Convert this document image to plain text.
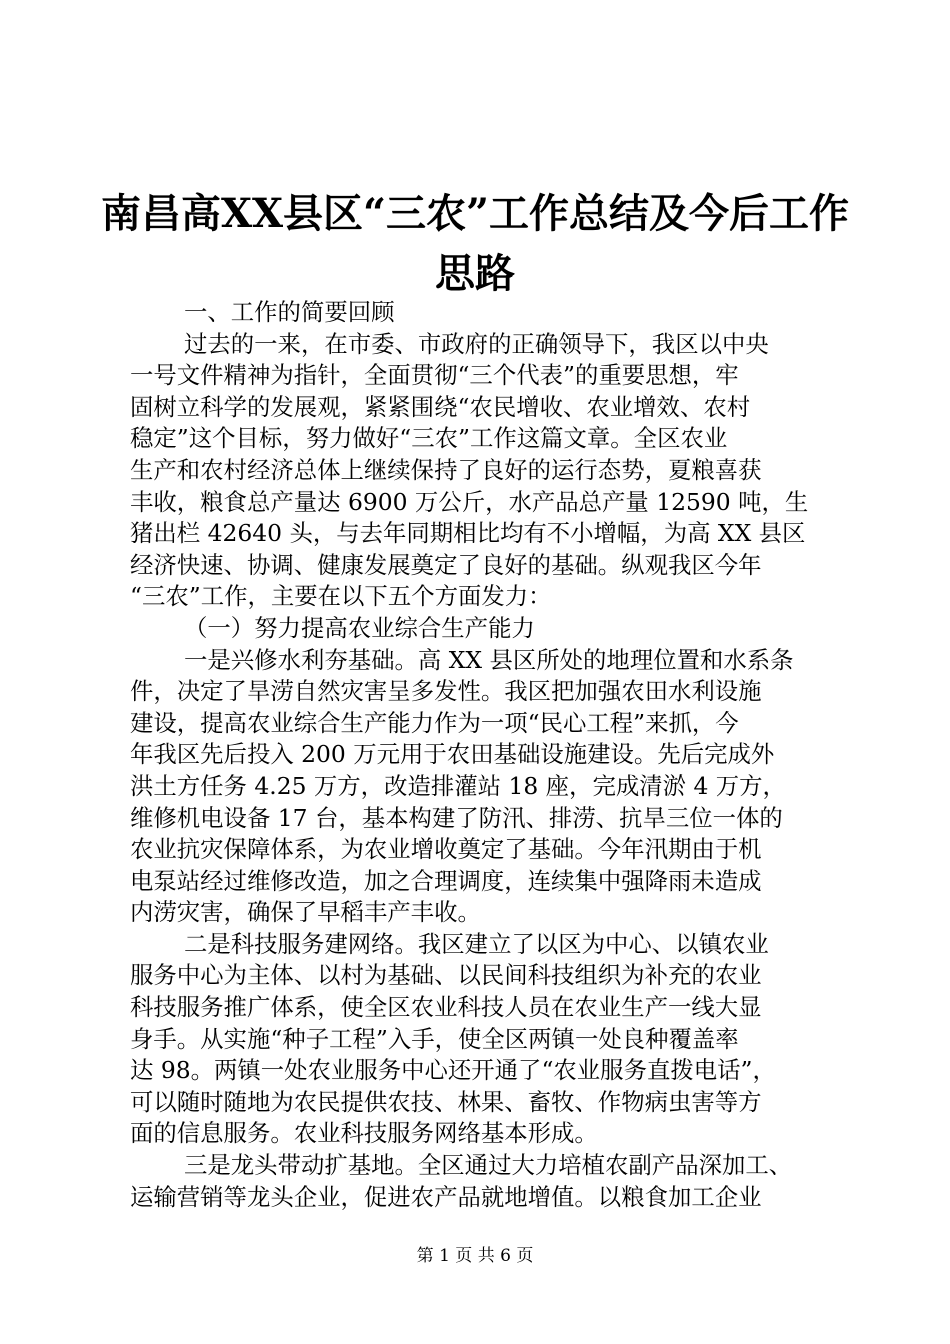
南昌高XX县区“三农”工作总结及今后工作
思路
一、工作的简要回顾
过去的一来，在市委、市政府的正确领导下，我区以中央
一号文件精神为指针，全面贯彻“三个代表”的重要思想，牢
固树立科学的发展观，紧紧围绕“农民增收、农业增效、农村
稳定”这个目标，努力做好“三农”工作这篇文章。全区农业
生产和农村经济总体上继续保持了良好的运行态势，夏粮喜获
丰收，粮食总产量达 6900 万公斤，水产品总产量 12590 吨，生
猪出栏 42640 头，与去年同期相比均有不小增幅，为高 XX 县区
经济快速、协调、健康发展奠定了良好的基础。纵观我区今年
“三农”工作，主要在以下五个方面发力：
（一）努力提高农业综合生产能力
一是兴修水利夯基础。高 XX 县区所处的地理位置和水系条
件，决定了旱涝自然灾害呈多发性。我区把加强农田水利设施
建设，提高农业综合生产能力作为一项“民心工程”来抓，今
年我区先后投入 200 万元用于农田基础设施建设。先后完成外
洪土方任务 4.25 万方，改造排灌站 18 座，完成清淤 4 万方，
维修机电设备 17 台，基本构建了防汛、排涝、抗旱三位一体的
农业抗灾保障体系，为农业增收奠定了基础。今年汛期由于机
电泵站经过维修改造，加之合理调度，连续集中强降雨未造成
内涝灾害，确保了早稻丰产丰收。
二是科技服务建网络。我区建立了以区为中心、以镇农业
服务中心为主体、以村为基础、以民间科技组织为补充的农业
科技服务推广体系，使全区农业科技人员在农业生产一线大显
身手。从实施“种子工程”入手，使全区两镇一处良种覆盖率
达 98。两镇一处农业服务中心还开通了“农业服务直拨电话”，
可以随时随地为农民提供农技、林果、畜牧、作物病虫害等方
面的信息服务。农业科技服务网络基本形成。
三是龙头带动扩基地。全区通过大力培植农副产品深加工、
运输营销等龙头企业，促进农产品就地增值。以粮食加工企业
第 1 页 共 6 页
